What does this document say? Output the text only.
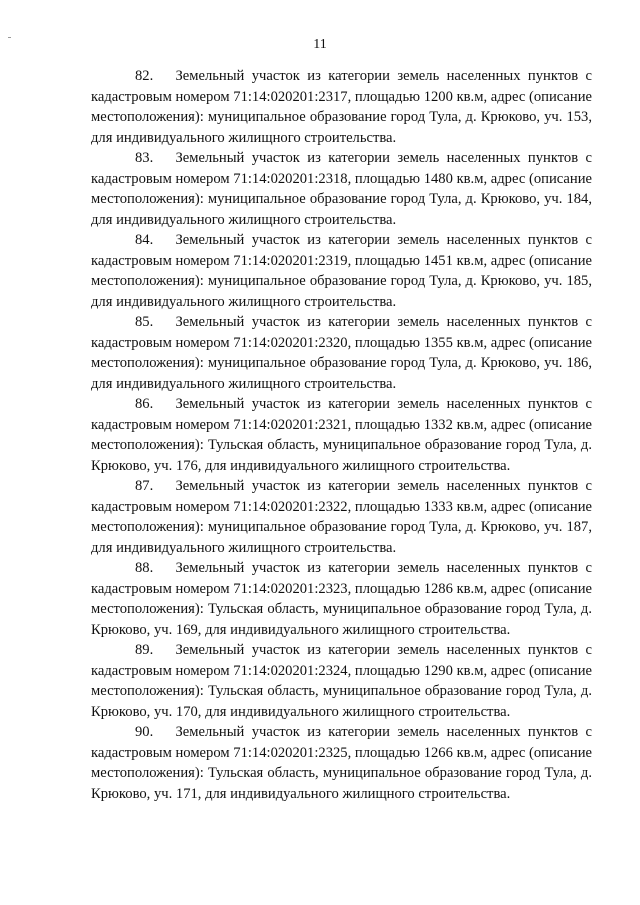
11

82.   Земельный участок из категории земель населенных пунктов с кадастровым номером 71:14:020201:2317, площадью 1200 кв.м, адрес (описание местоположения): муниципальное образование город Тула, д. Крюково, уч. 153, для индивидуального жилищного строительства.

83.   Земельный участок из категории земель населенных пунктов с кадастровым номером 71:14:020201:2318, площадью 1480 кв.м, адрес (описание местоположения): муниципальное образование город Тула, д. Крюково, уч. 184, для индивидуального жилищного строительства.

84.   Земельный участок из категории земель населенных пунктов с кадастровым номером 71:14:020201:2319, площадью 1451 кв.м, адрес (описание местоположения): муниципальное образование город Тула, д. Крюково, уч. 185, для индивидуального жилищного строительства.

85.   Земельный участок из категории земель населенных пунктов с кадастровым номером 71:14:020201:2320, площадью 1355 кв.м, адрес (описание местоположения): муниципальное образование город Тула, д. Крюково, уч. 186, для индивидуального жилищного строительства.

86.   Земельный участок из категории земель населенных пунктов с кадастровым номером 71:14:020201:2321, площадью 1332 кв.м, адрес (описание местоположения): Тульская область, муниципальное образование город Тула, д. Крюково, уч. 176, для индивидуального жилищного строительства.

87.   Земельный участок из категории земель населенных пунктов с кадастровым номером 71:14:020201:2322, площадью 1333 кв.м, адрес (описание местоположения): муниципальное образование город Тула, д. Крюково, уч. 187, для индивидуального жилищного строительства.

88.   Земельный участок из категории земель населенных пунктов с кадастровым номером 71:14:020201:2323, площадью 1286 кв.м, адрес (описание местоположения): Тульская область, муниципальное образование город Тула, д. Крюково, уч. 169, для индивидуального жилищного строительства.

89.   Земельный участок из категории земель населенных пунктов с кадастровым номером 71:14:020201:2324, площадью 1290 кв.м, адрес (описание местоположения): Тульская область, муниципальное образование город Тула, д. Крюково, уч. 170, для индивидуального жилищного строительства.

90.   Земельный участок из категории земель населенных пунктов с кадастровым номером 71:14:020201:2325, площадью 1266 кв.м, адрес (описание местоположения): Тульская область, муниципальное образование город Тула, д. Крюково, уч. 171, для индивидуального жилищного строительства.
